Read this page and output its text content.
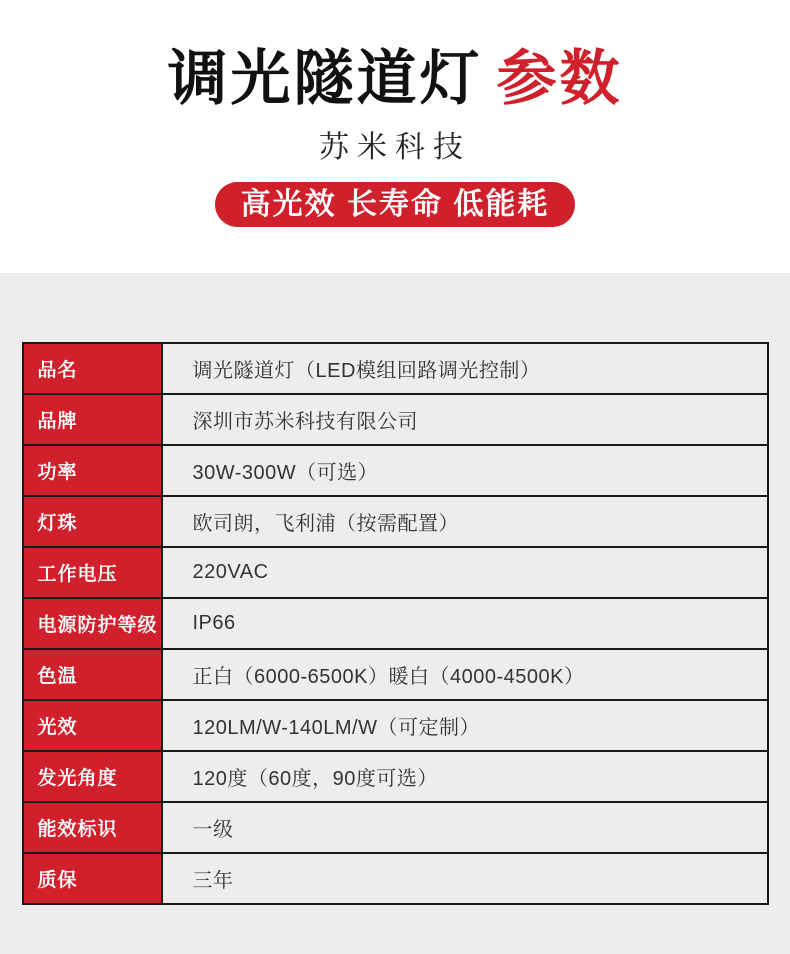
调光隧道灯 参数
苏米科技
高光效 长寿命 低能耗
品名	调光隧道灯（LED模组回路调光控制）
品牌	深圳市苏米科技有限公司
功率	30W-300W（可选）
灯珠	欧司朗，飞利浦（按需配置）
工作电压	220VAC
电源防护等级	IP66
色温	正白（6000-6500K）暖白（4000-4500K）
光效	120LM/W-140LM/W（可定制）
发光角度	120度（60度，90度可选）
能效标识	一级
质保	三年
